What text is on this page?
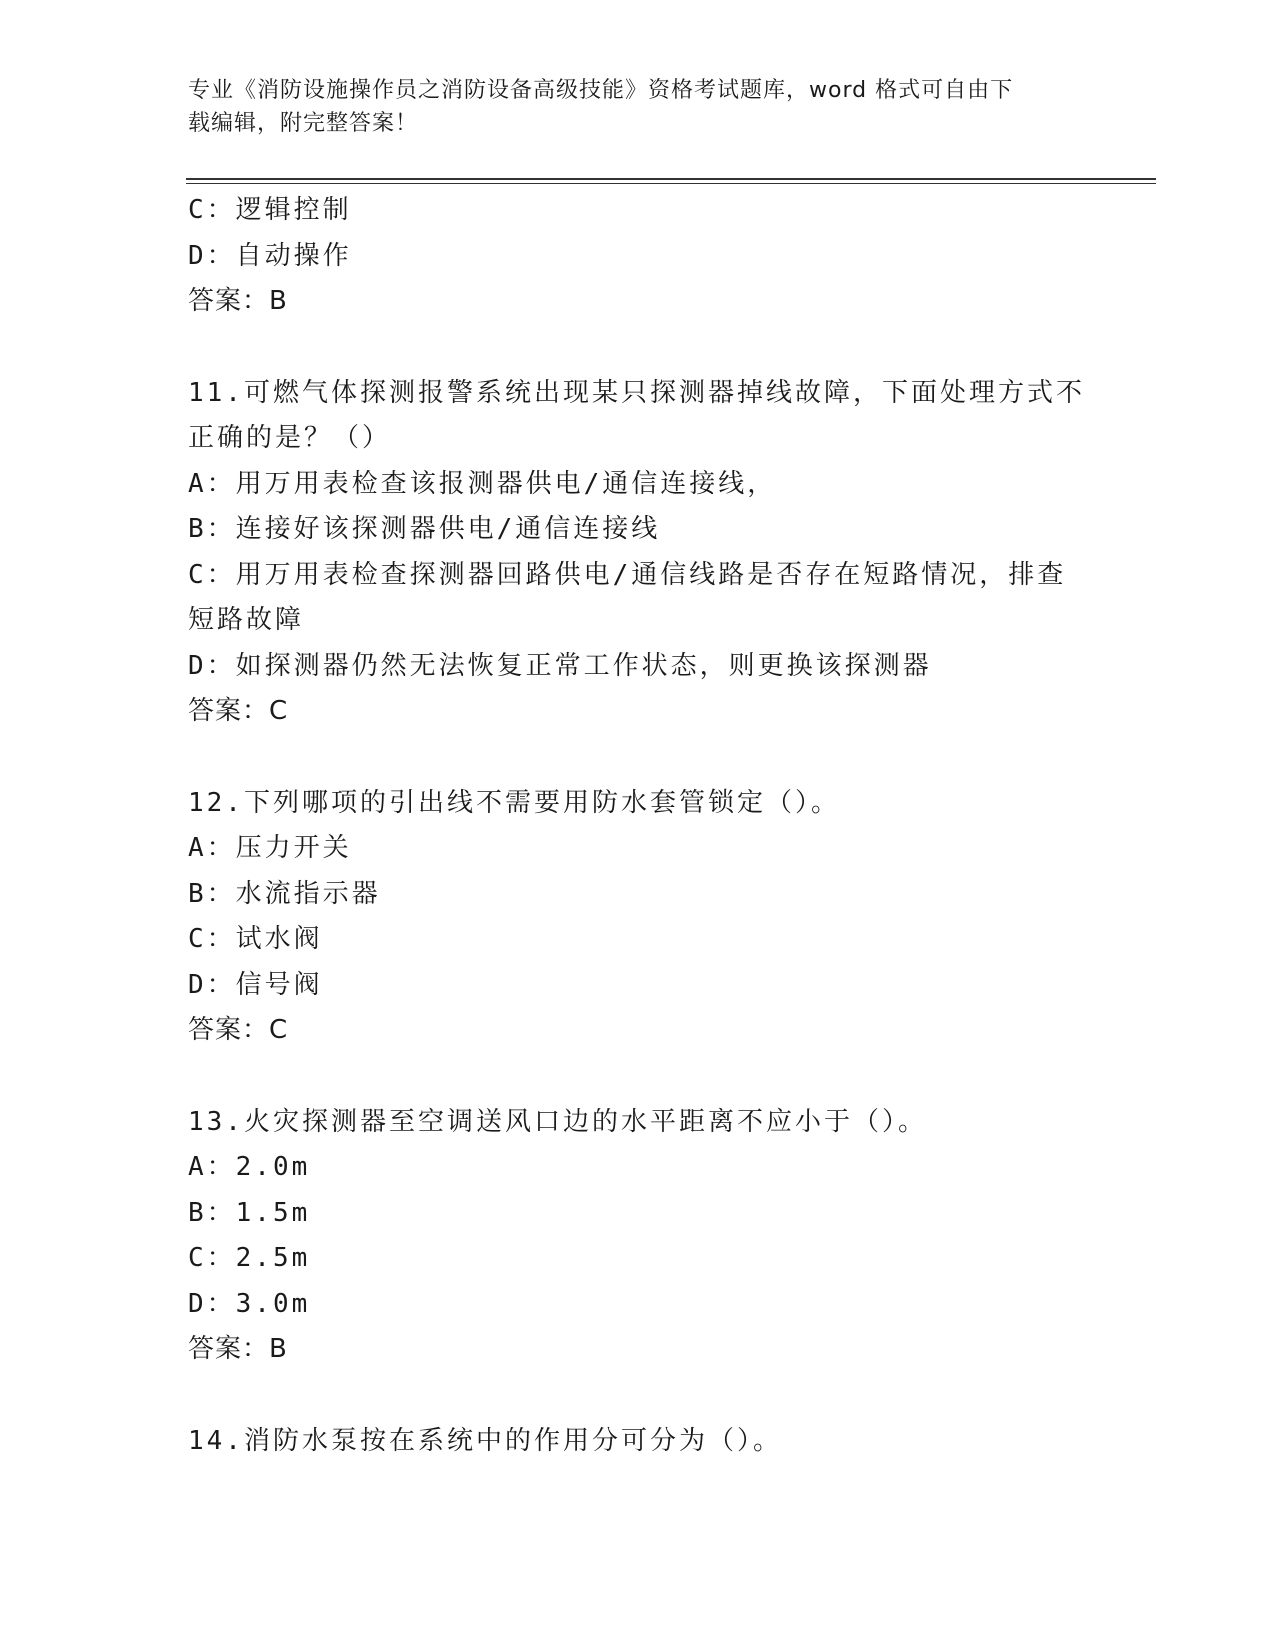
专业《消防设施操作员之消防设备高级技能》资格考试题库，word 格式可自由下
载编辑，附完整答案！
C：逻辑控制
D：自动操作
答案：B
11.可燃气体探测报警系统出现某只探测器掉线故障，下面处理方式不
正确的是？（）
A：用万用表检查该报测器供电/通信连接线，
B：连接好该探测器供电/通信连接线
C：用万用表检查探测器回路供电/通信线路是否存在短路情况，排查
短路故障
D：如探测器仍然无法恢复正常工作状态，则更换该探测器
答案：C
12.下列哪项的引出线不需要用防水套管锁定（）。
A：压力开关
B：水流指示器
C：试水阀
D：信号阀
答案：C
13.火灾探测器至空调送风口边的水平距离不应小于（）。
A：2.0m
B：1.5m
C：2.5m
D：3.0m
答案：B
14.消防水泵按在系统中的作用分可分为（）。
